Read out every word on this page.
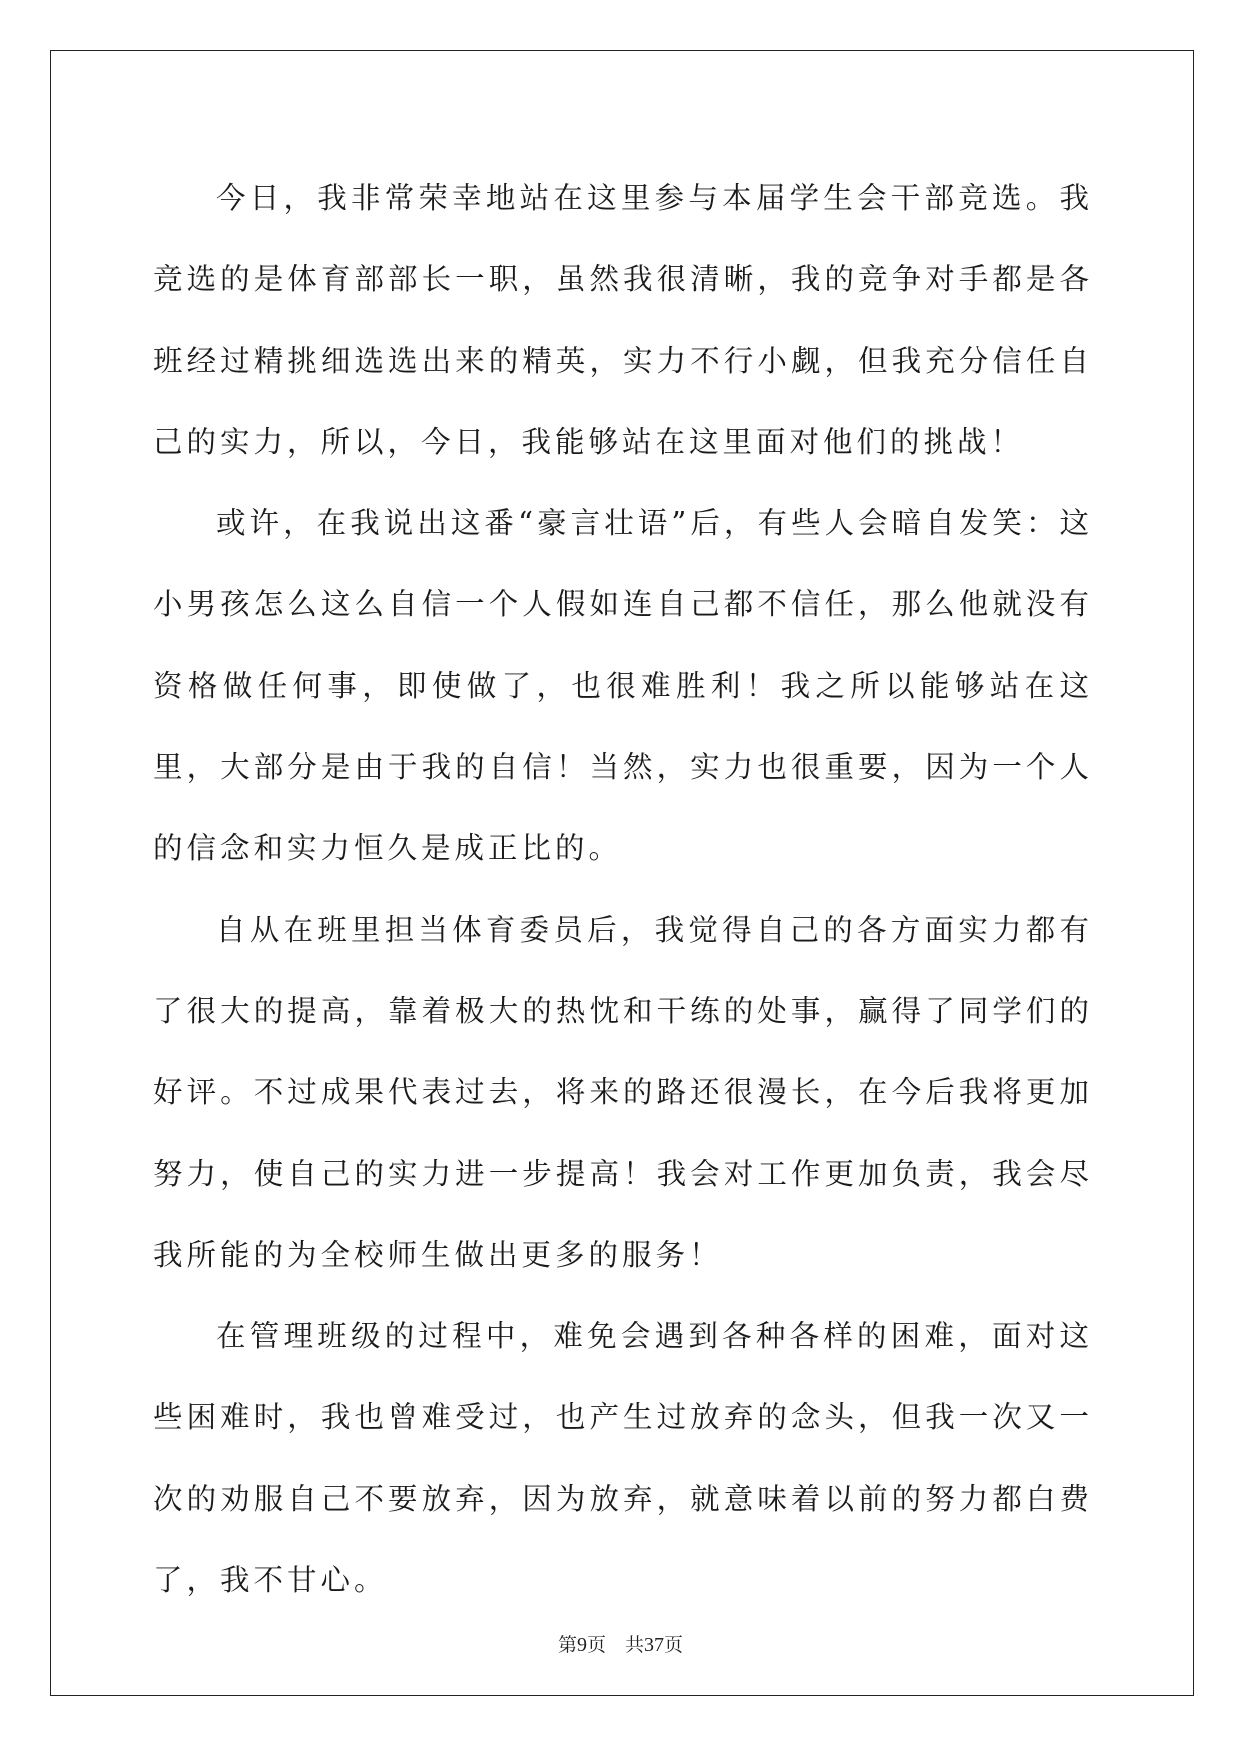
今日，我非常荣幸地站在这里参与本届学生会干部竞选。我竞选的是体育部部长一职，虽然我很清晰，我的竞争对手都是各班经过精挑细选选出来的精英，实力不行小觑，但我充分信任自己的实力，所以，今日，我能够站在这里面对他们的挑战！

或许，在我说出这番“豪言壮语”后，有些人会暗自发笑：这小男孩怎么这么自信一个人假如连自己都不信任，那么他就没有资格做任何事，即使做了，也很难胜利！我之所以能够站在这里，大部分是由于我的自信！当然，实力也很重要，因为一个人的信念和实力恒久是成正比的。

自从在班里担当体育委员后，我觉得自己的各方面实力都有了很大的提高，靠着极大的热忱和干练的处事，赢得了同学们的好评。不过成果代表过去，将来的路还很漫长，在今后我将更加努力，使自己的实力进一步提高！我会对工作更加负责，我会尽我所能的为全校师生做出更多的服务！

在管理班级的过程中，难免会遇到各种各样的困难，面对这些困难时，我也曾难受过，也产生过放弃的念头，但我一次又一次的劝服自己不要放弃，因为放弃，就意味着以前的努力都白费了，我不甘心。

第9页　共37页
